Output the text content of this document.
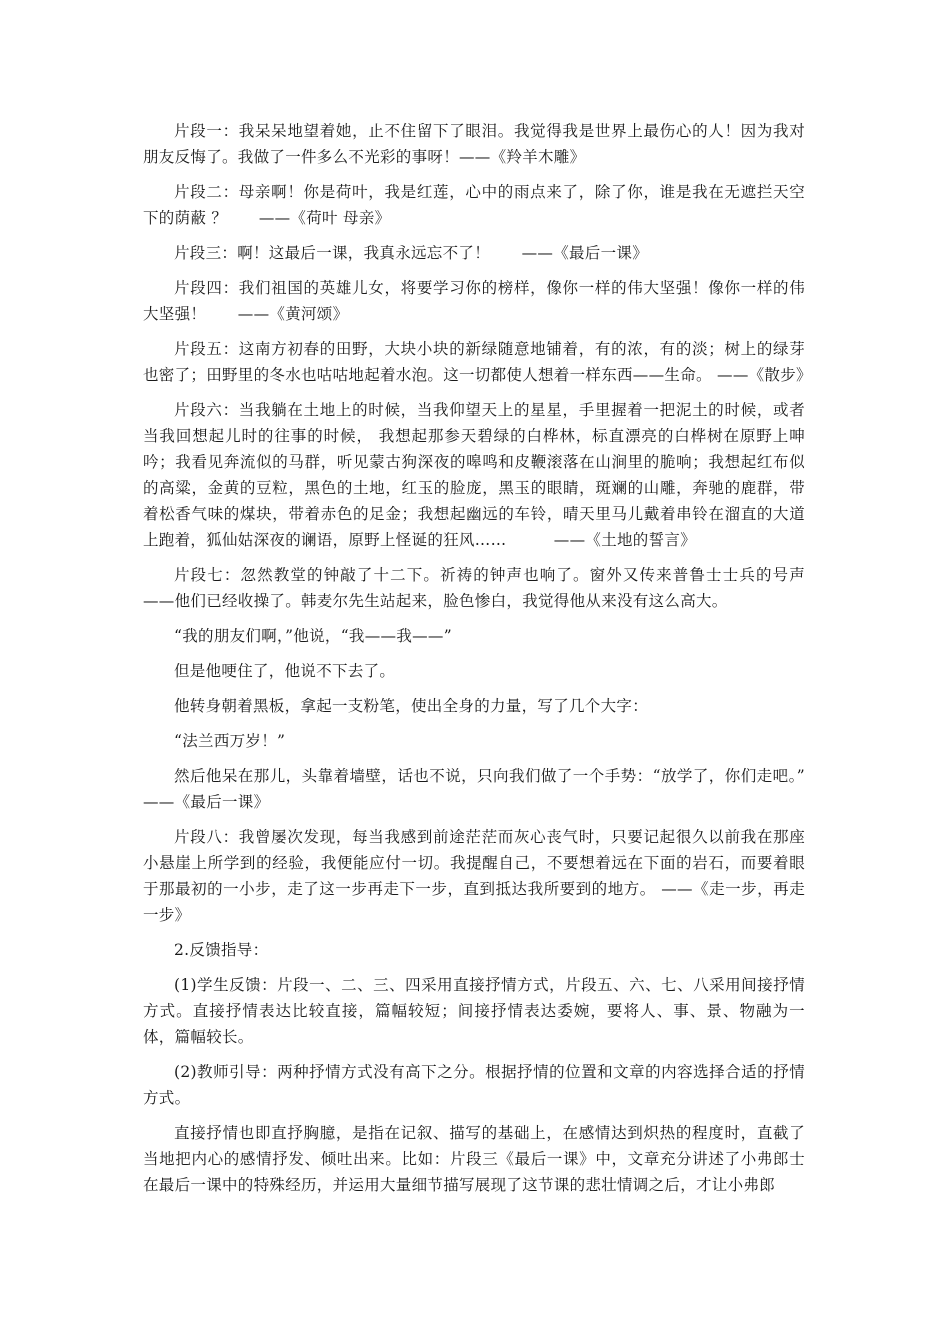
片段一：我呆呆地望着她，止不住留下了眼泪。我觉得我是世界上最伤心的人！因为我对朋友反悔了。我做了一件多么不光彩的事呀！——《羚羊木雕》

片段二：母亲啊！你是荷叶，我是红莲，心中的雨点来了，除了你，谁是我在无遮拦天空下的荫蔽 ？　　——《荷叶 母亲》

片段三：啊！这最后一课，我真永远忘不了！　　——《最后一课》

片段四：我们祖国的英雄儿女，将要学习你的榜样，像你一样的伟大坚强！像你一样的伟大坚强！　　——《黄河颂》

片段五：这南方初春的田野，大块小块的新绿随意地铺着，有的浓，有的淡；树上的绿芽也密了；田野里的冬水也咕咕地起着水泡。这一切都使人想着一样东西——生命。 ——《散步》

片段六：当我躺在土地上的时候，当我仰望天上的星星，手里握着一把泥土的时候，或者当我回想起儿时的往事的时候， 我想起那参天碧绿的白桦林，标直漂亮的白桦树在原野上呻吟；我看见奔流似的马群，听见蒙古狗深夜的嗥鸣和皮鞭滚落在山涧里的脆响；我想起红布似的高粱，金黄的豆粒，黑色的土地，红玉的脸庞，黑玉的眼睛，斑斓的山雕，奔驰的鹿群，带着松香气味的煤块，带着赤色的足金；我想起幽远的车铃，晴天里马儿戴着串铃在溜直的大道上跑着，狐仙姑深夜的谰语，原野上怪诞的狂风……　　　——《土地的誓言》

片段七：忽然教堂的钟敲了十二下。祈祷的钟声也响了。窗外又传来普鲁士士兵的号声——他们已经收操了。韩麦尔先生站起来，脸色惨白，我觉得他从来没有这么高大。

“我的朋友们啊，”他说，“我——我——”

但是他哽住了，他说不下去了。

他转身朝着黑板，拿起一支粉笔，使出全身的力量，写了几个大字：

“法兰西万岁！”

然后他呆在那儿，头靠着墙壁，话也不说，只向我们做了一个手势：“放学了，你们走吧。”　　——《最后一课》

片段八：我曾屡次发现，每当我感到前途茫茫而灰心丧气时，只要记起很久以前我在那座小悬崖上所学到的经验，我便能应付一切。我提醒自己，不要想着远在下面的岩石，而要着眼于那最初的一小步，走了这一步再走下一步，直到抵达我所要到的地方。 ——《走一步，再走一步》

2.反馈指导：

(1)学生反馈：片段一、二、三、四采用直接抒情方式，片段五、六、七、八采用间接抒情方式。直接抒情表达比较直接，篇幅较短；间接抒情表达委婉，要将人、事、景、物融为一体，篇幅较长。

(2)教师引导：两种抒情方式没有高下之分。根据抒情的位置和文章的内容选择合适的抒情方式。

直接抒情也即直抒胸臆，是指在记叙、描写的基础上，在感情达到炽热的程度时，直截了当地把内心的感情抒发、倾吐出来。比如：片段三《最后一课》中，文章充分讲述了小弗郎士在最后一课中的特殊经历，并运用大量细节描写展现了这节课的悲壮情调之后，才让小弗郎
